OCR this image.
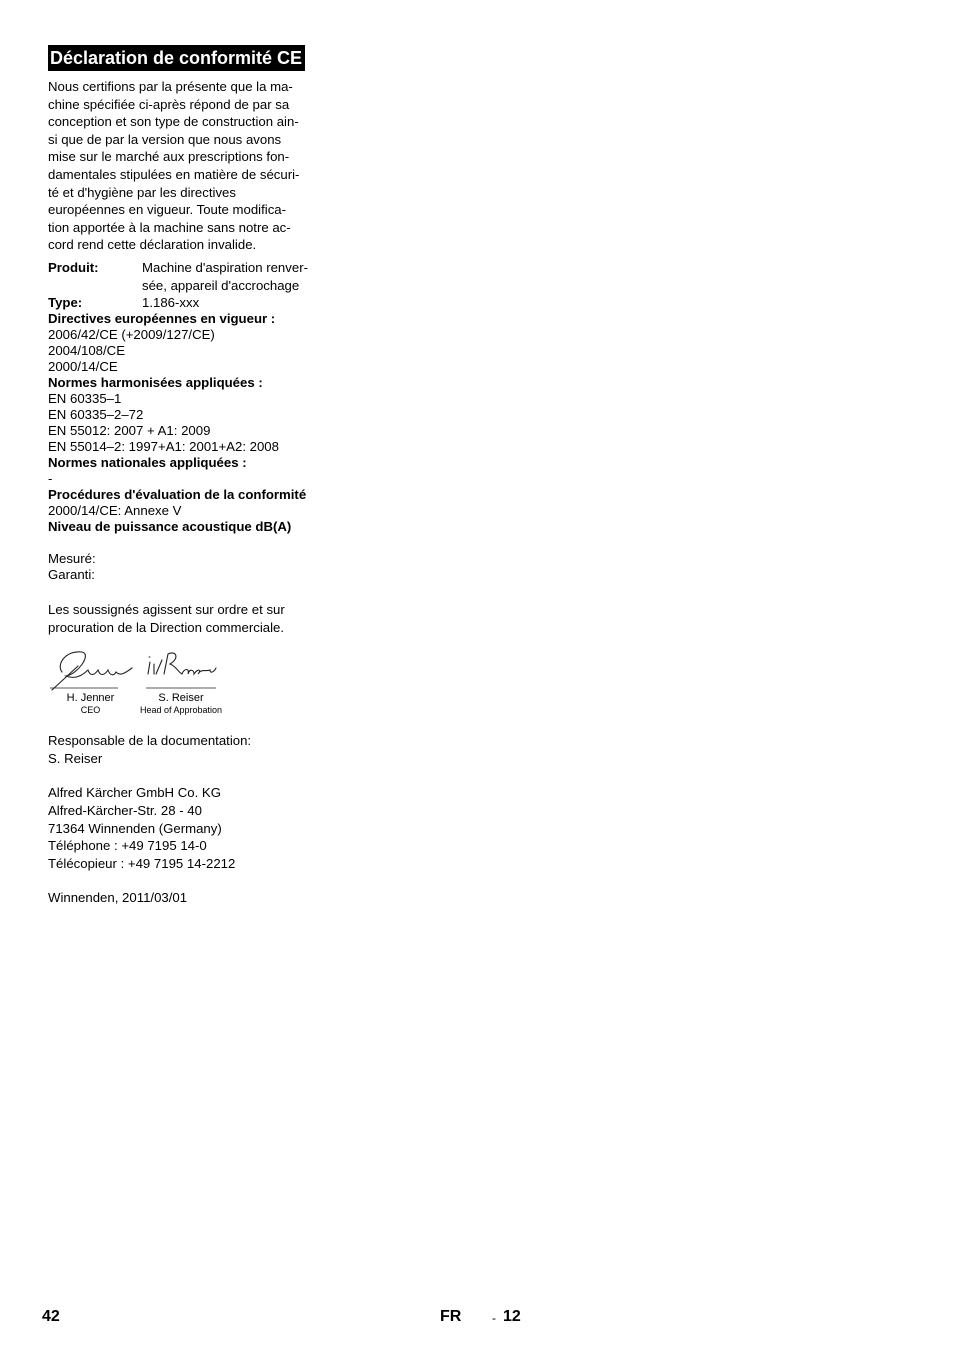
Déclaration de conformité CE
Nous certifions par la présente que la ma-
chine spécifiée ci-après répond de par sa
conception et son type de construction ain-
si que de par la version que nous avons
mise sur le marché aux prescriptions fon-
damentales stipulées en matière de sécuri-
té et d'hygiène par les directives
européennes en vigueur. Toute modifica-
tion apportée à la machine sans notre ac-
cord rend cette déclaration invalide.
Produit:	Machine d'aspiration renver-
sée, appareil d'accrochage
Type:	1.186-xxx
Directives européennes en vigueur :
2006/42/CE (+2009/127/CE)
2004/108/CE
2000/14/CE
Normes harmonisées appliquées :
EN 60335–1
EN 60335–2–72
EN 55012: 2007 + A1: 2009
EN 55014–2: 1997+A1: 2001+A2: 2008
Normes nationales appliquées :
-
Procédures d'évaluation de la conformité
2000/14/CE: Annexe V
Niveau de puissance acoustique dB(A)
Mesuré:
Garanti:
Les soussignés agissent sur ordre et sur
procuration de la Direction commerciale.
H. Jenner
CEO
S. Reiser
Head of Approbation
Responsable de la documentation:
S. Reiser
Alfred Kärcher GmbH Co. KG
Alfred-Kärcher-Str. 28 - 40
71364 Winnenden (Germany)
Téléphone : +49 7195 14-0
Télécopieur : +49 7195 14-2212
Winnenden, 2011/03/01
42	FR	- 12
